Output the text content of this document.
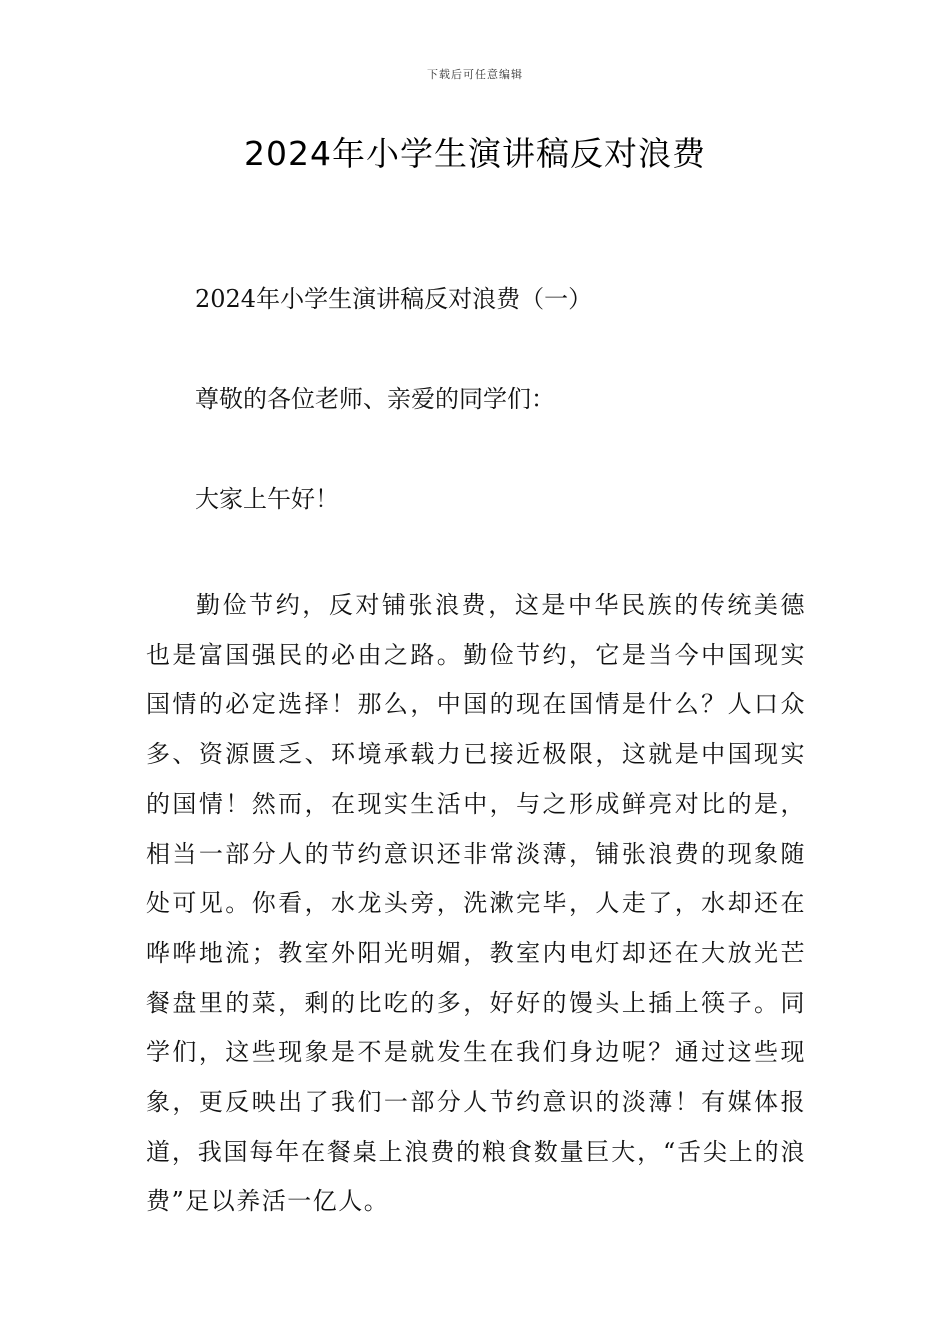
下载后可任意编辑
2024年小学生演讲稿反对浪费

2024年小学生演讲稿反对浪费（一）

尊敬的各位老师、亲爱的同学们：

大家上午好！

勤俭节约，反对铺张浪费，这是中华民族的传统美德也是富国强民的必由之路。勤俭节约，它是当今中国现实国情的必定选择！那么，中国的现在国情是什么？人口众多、资源匮乏、环境承载力已接近极限，这就是中国现实的国情！然而，在现实生活中，与之形成鲜亮对比的是，相当一部分人的节约意识还非常淡薄，铺张浪费的现象随处可见。你看，水龙头旁，洗漱完毕，人走了，水却还在哗哗地流；教室外阳光明媚，教室内电灯却还在大放光芒餐盘里的菜，剩的比吃的多，好好的馒头上插上筷子。同学们，这些现象是不是就发生在我们身边呢？通过这些现象，更反映出了我们一部分人节约意识的淡薄！有媒体报道，我国每年在餐桌上浪费的粮食数量巨大，“舌尖上的浪费”足以养活一亿人。
